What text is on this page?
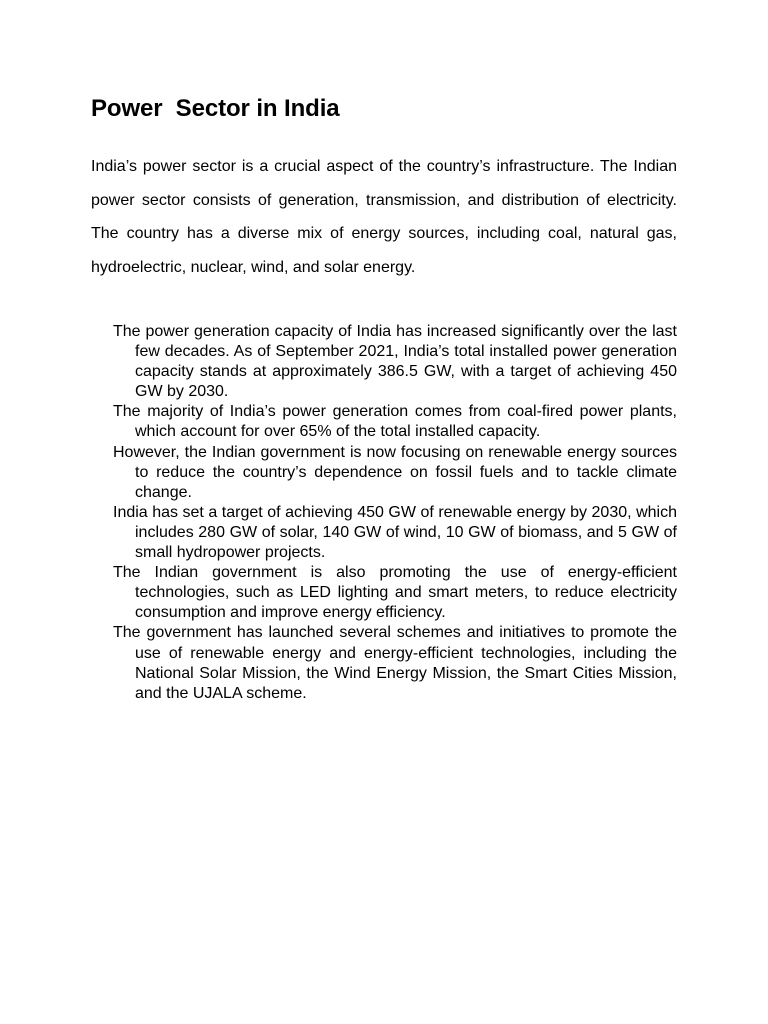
Power  Sector in India

India’s power sector is a crucial aspect of the country’s infrastructure. The Indian power sector consists of generation, transmission, and distribution of electricity. The country has a diverse mix of energy sources, including coal, natural gas, hydroelectric, nuclear, wind, and solar energy.

The power generation capacity of India has increased significantly over the last few decades. As of September 2021, India’s total installed power generation capacity stands at approximately 386.5 GW, with a target of achieving 450 GW by 2030.
The majority of India’s power generation comes from coal-fired power plants, which account for over 65% of the total installed capacity.
However, the Indian government is now focusing on renewable energy sources to reduce the country’s dependence on fossil fuels and to tackle climate change.
India has set a target of achieving 450 GW of renewable energy by 2030, which includes 280 GW of solar, 140 GW of wind, 10 GW of biomass, and 5 GW of small hydropower projects.
The Indian government is also promoting the use of energy-efficient technologies, such as LED lighting and smart meters, to reduce electricity consumption and improve energy efficiency.
The government has launched several schemes and initiatives to promote the use of renewable energy and energy-efficient technologies, including the National Solar Mission, the Wind Energy Mission, the Smart Cities Mission, and the UJALA scheme.
